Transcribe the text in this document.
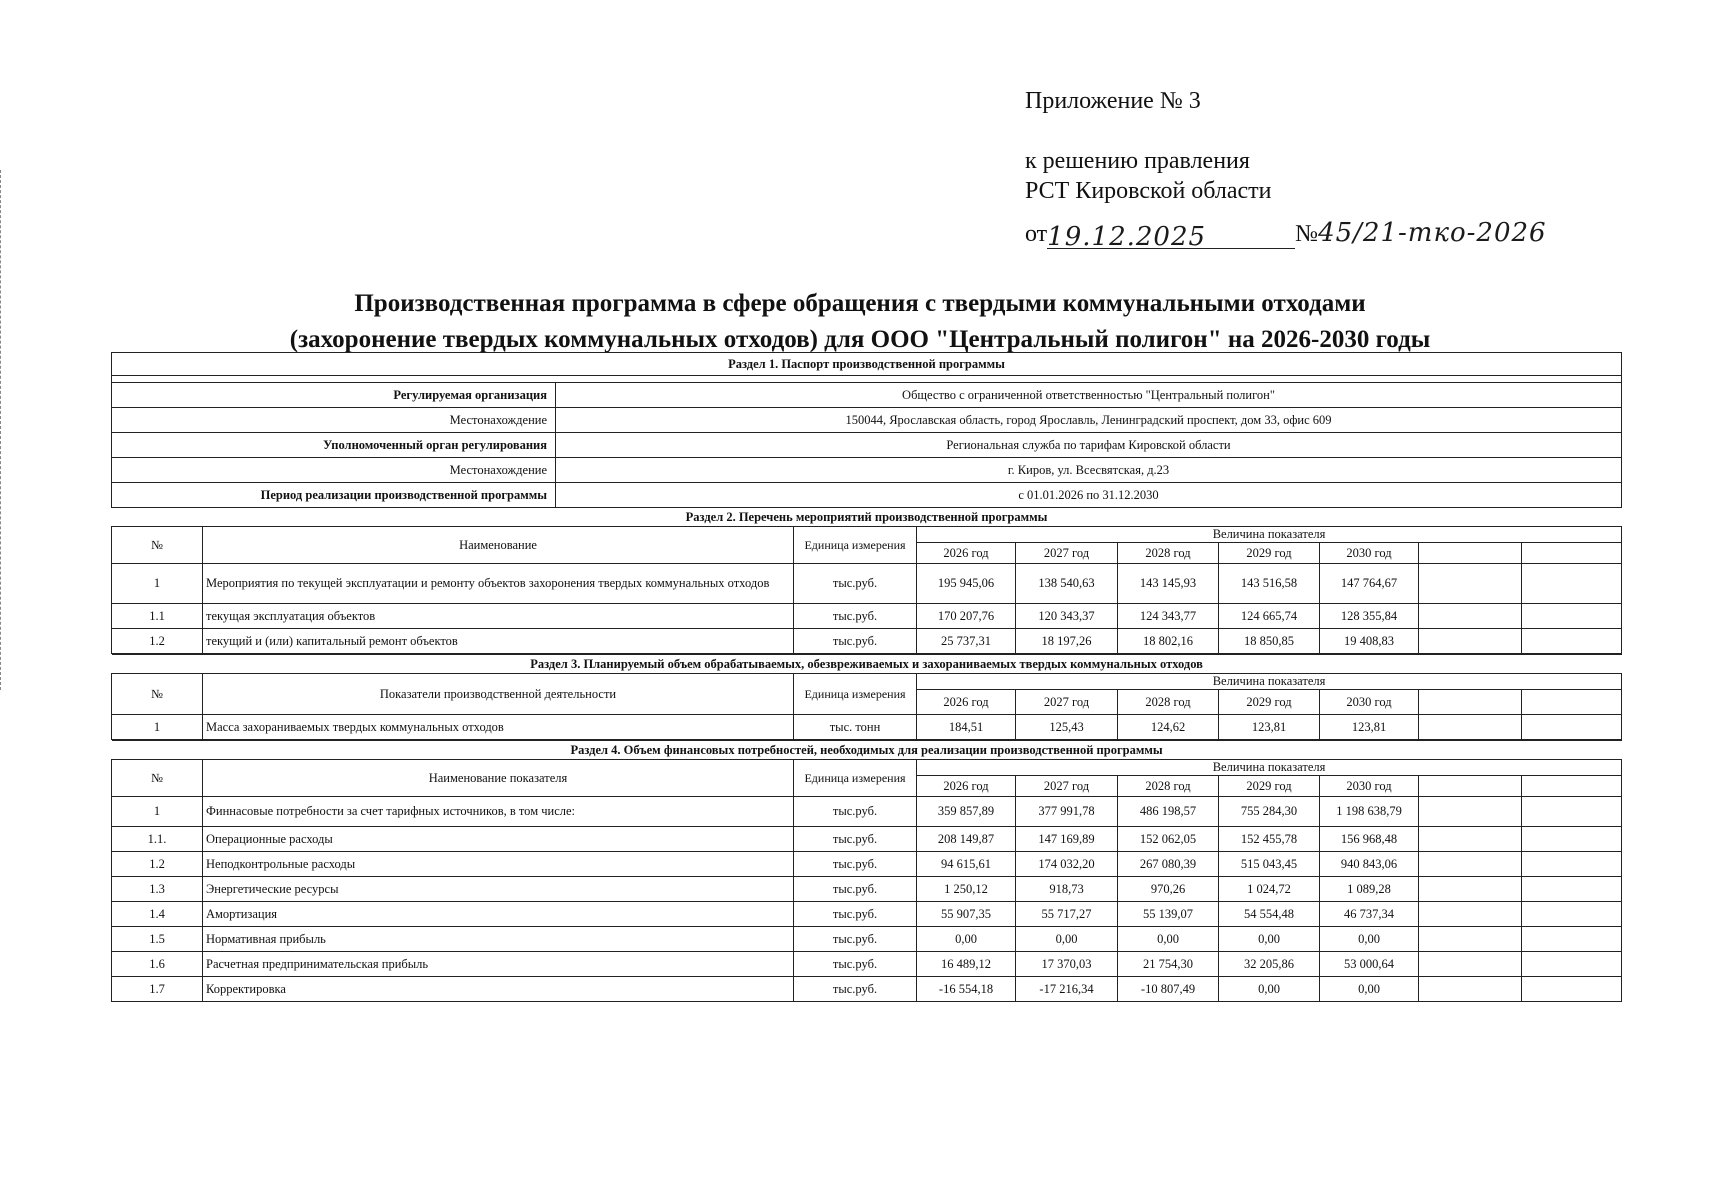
Приложение № 3
к решению правления
РСТ Кировской области
от19.12.2025	№45/21-тко-2026
Производственная программа в сфере обращения с твердыми коммунальными отходами
(захоронение твердых коммунальных отходов) для ООО "Центральный полигон" на 2026-2030 годы
Раздел 1. Паспорт производственной программы	

Регулируемая организация	Общество с ограниченной ответственностью "Центральный полигон"
Местонахождение	150044, Ярославская область, город Ярославль, Ленинградский проспект, дом 33, офис 609
Уполномоченный орган регулирования	Региональная служба по тарифам Кировской области
Местонахождение	г. Киров, ул. Всесвятская, д.23
Период реализации производственной программы	с 01.01.2026 по 31.12.2030
Раздел 2. Перечень мероприятий производственной программы									
№	Наименование	Единица измерения	Величина показателя						
			2026 год	2027 год	2028 год	2029 год	2030 год		
1	Мероприятия по текущей эксплуатации и ремонту объектов захоронения твердых коммунальных отходов	тыс.руб.	195 945,06	138 540,63	143 145,93	143 516,58	147 764,67		
1.1	текущая эксплуатация объектов	тыс.руб.	170 207,76	120 343,37	124 343,77	124 665,74	128 355,84		
1.2	текущий и (или) капитальный ремонт объектов	тыс.руб.	25 737,31	18 197,26	18 802,16	18 850,85	19 408,83		
Раздел 3. Планируемый объем обрабатываемых, обезвреживаемых и захораниваемых твердых коммунальных отходов									
№	Показатели производственной деятельности	Единица измерения	Величина показателя						
			2026 год	2027 год	2028 год	2029 год	2030 год		
1	Масса захораниваемых твердых коммунальных отходов	тыс. тонн	184,51	125,43	124,62	123,81	123,81		
Раздел 4. Объем финансовых потребностей, необходимых для реализации производственной программы									
№	Наименование показателя	Единица измерения	Величина показателя						
			2026 год	2027 год	2028 год	2029 год	2030 год		
1	Финнасовые потребности за счет тарифных источников, в том числе:	тыс.руб.	359 857,89	377 991,78	486 198,57	755 284,30	1 198 638,79		
1.1.	Операционные расходы	тыс.руб.	208 149,87	147 169,89	152 062,05	152 455,78	156 968,48		
1.2	Неподконтрольные расходы	тыс.руб.	94 615,61	174 032,20	267 080,39	515 043,45	940 843,06		
1.3	Энергетические ресурсы	тыс.руб.	1 250,12	918,73	970,26	1 024,72	1 089,28		
1.4	Амортизация	тыс.руб.	55 907,35	55 717,27	55 139,07	54 554,48	46 737,34		
1.5	Нормативная прибыль	тыс.руб.	0,00	0,00	0,00	0,00	0,00		
1.6	Расчетная предпринимательская прибыль	тыс.руб.	16 489,12	17 370,03	21 754,30	32 205,86	53 000,64		
1.7	Корректировка	тыс.руб.	-16 554,18	-17 216,34	-10 807,49	0,00	0,00		
